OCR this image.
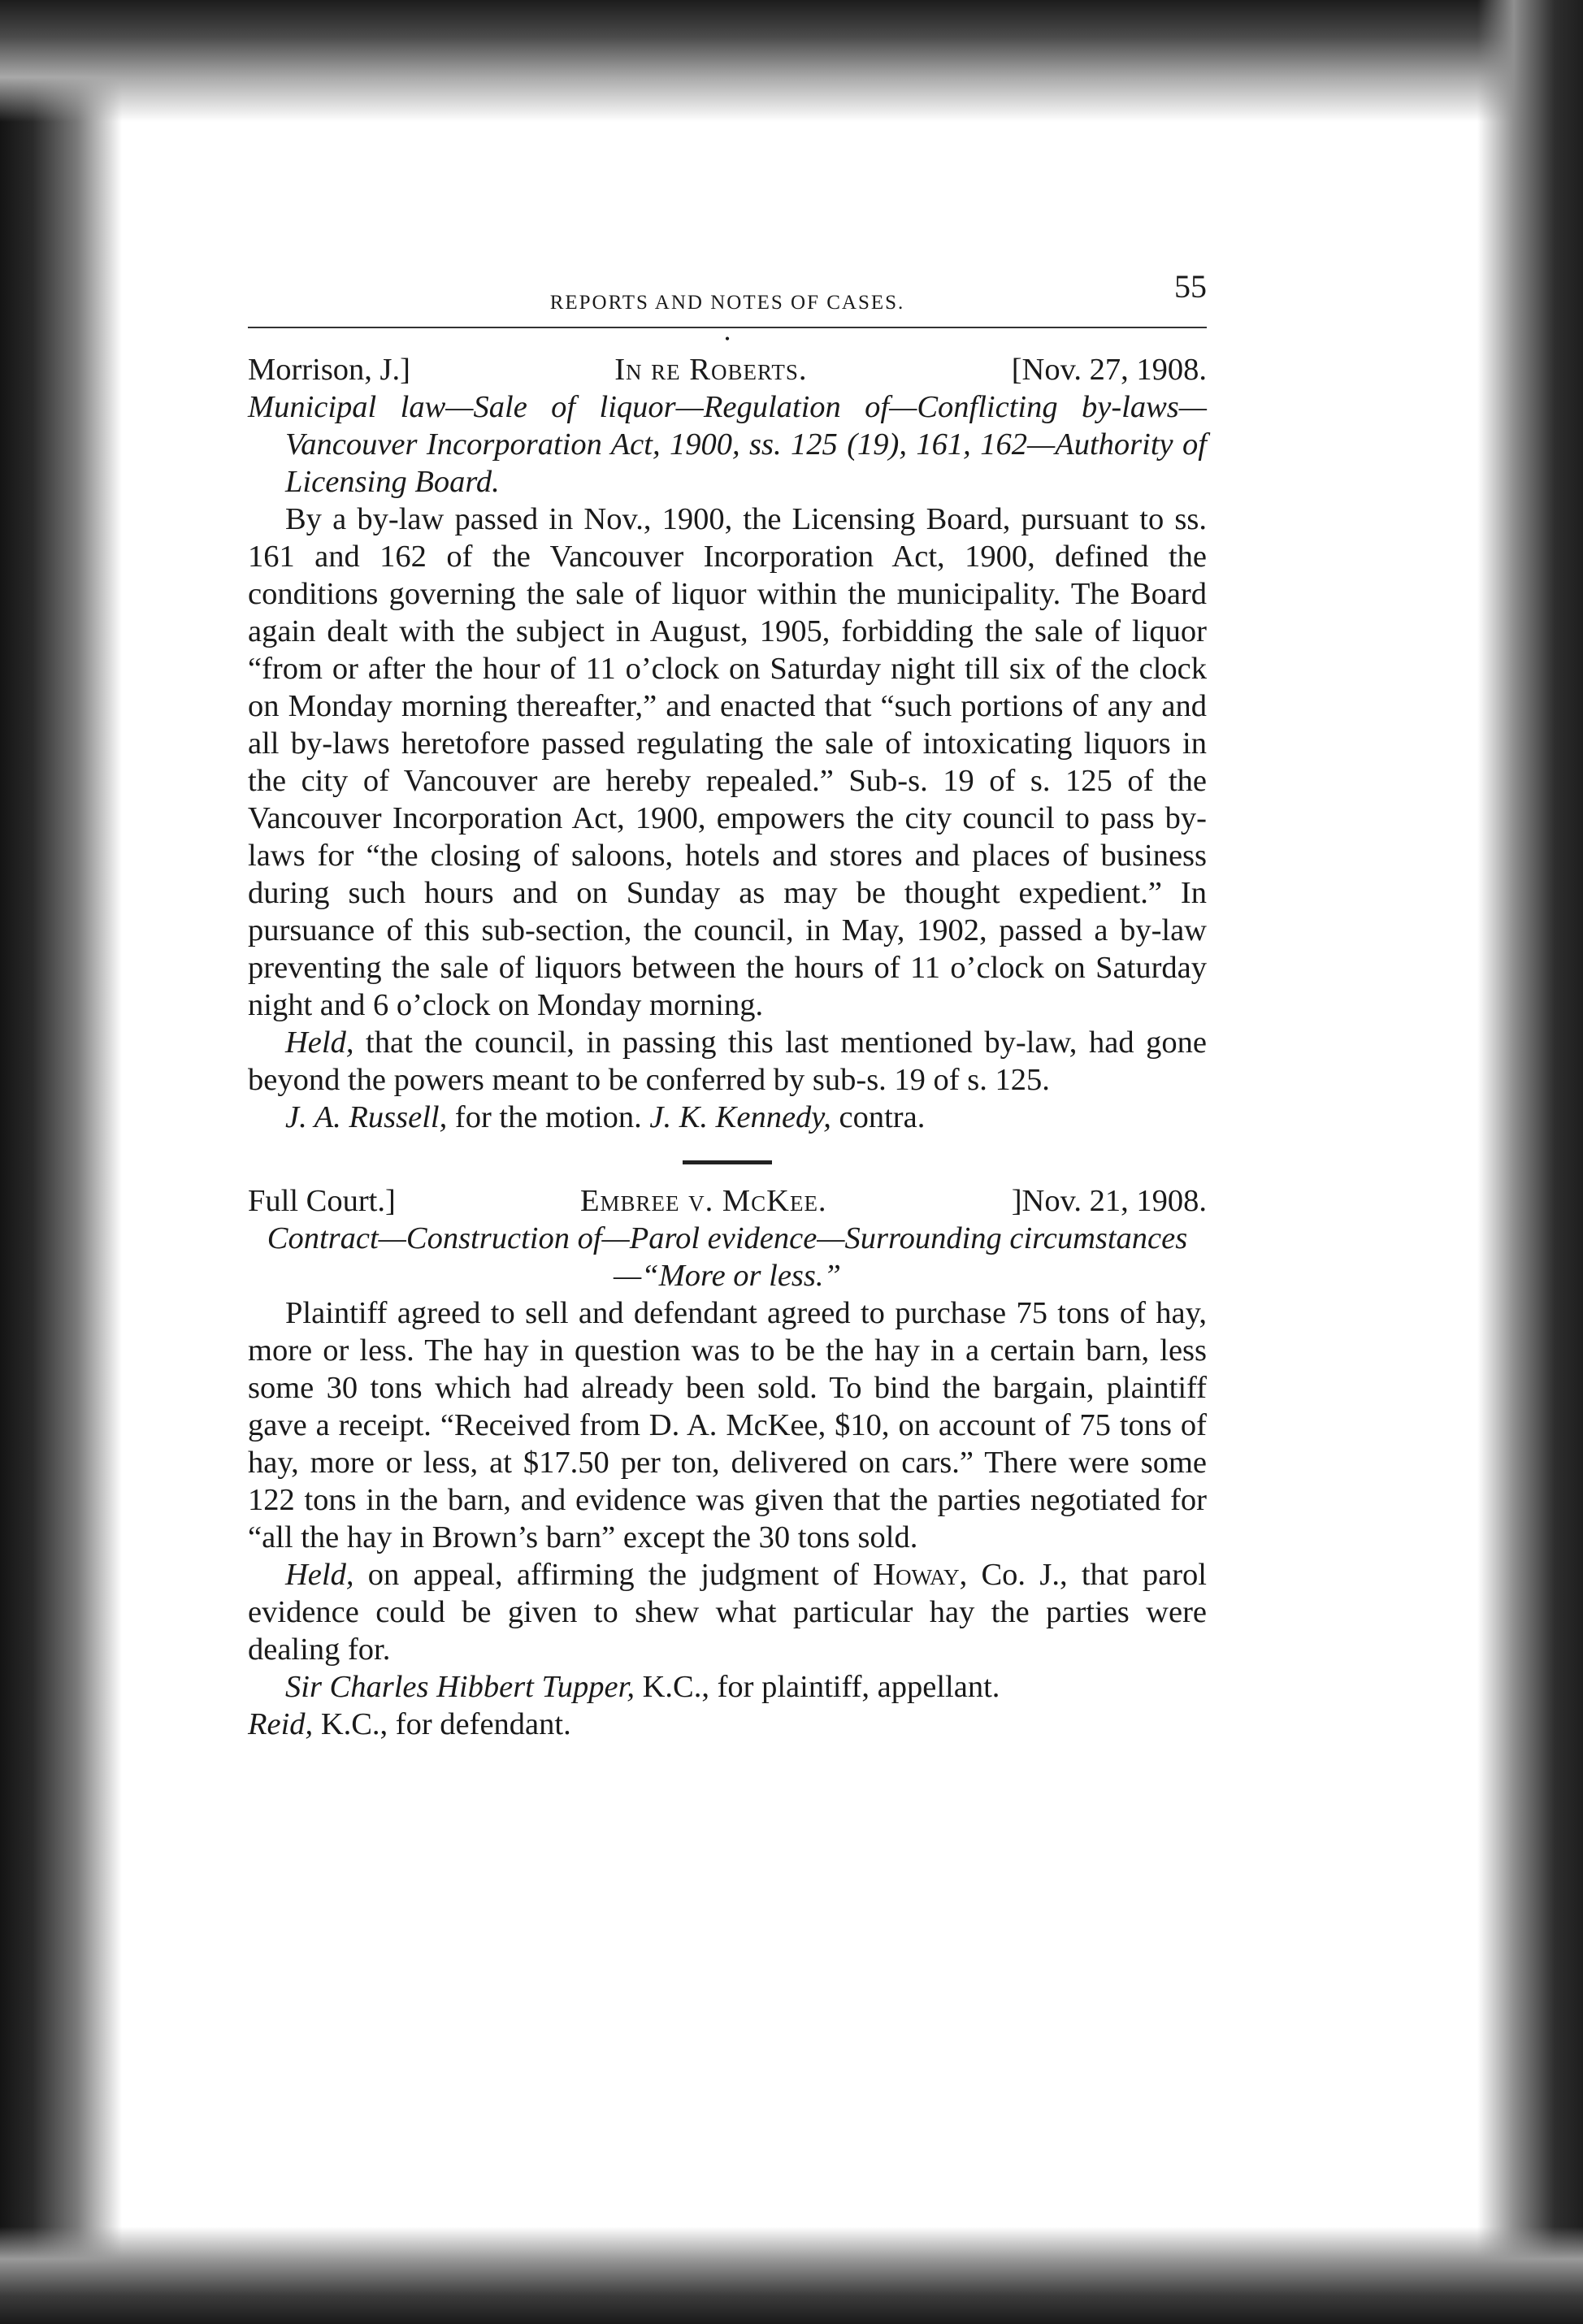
REPORTS AND NOTES OF CASES.	55
•
Morrison, J.]	In re Roberts.	[Nov. 27, 1908.
Municipal law—Sale of liquor—Regulation of—Conflicting by-laws—Vancouver Incorporation Act, 1900, ss. 125 (19), 161, 162—Authority of Licensing Board.

By a by-law passed in Nov., 1900, the Licensing Board, pursuant to ss. 161 and 162 of the Vancouver Incorporation Act, 1900, defined the conditions governing the sale of liquor within the municipality. The Board again dealt with the subject in August, 1905, forbidding the sale of liquor “from or after the hour of 11 o’clock on Saturday night till six of the clock on Monday morning thereafter,” and enacted that “such portions of any and all by-laws heretofore passed regulating the sale of intoxicating liquors in the city of Vancouver are hereby repealed.” Sub-s. 19 of s. 125 of the Vancouver Incorporation Act, 1900, empowers the city council to pass by-laws for “the closing of saloons, hotels and stores and places of business during such hours and on Sunday as may be thought expedient.” In pursuance of this sub-section, the council, in May, 1902, passed a by-law preventing the sale of liquors between the hours of 11 o’clock on Saturday night and 6 o’clock on Monday morning.

Held, that the council, in passing this last mentioned by-law, had gone beyond the powers meant to be conferred by sub-s. 19 of s. 125.

J. A. Russell, for the motion. J. K. Kennedy, contra.

Full Court.]	Embree v. McKee.	]Nov. 21, 1908.
Contract—Construction of—Parol evidence—Surrounding circumstances—“More or less.”

Plaintiff agreed to sell and defendant agreed to purchase 75 tons of hay, more or less. The hay in question was to be the hay in a certain barn, less some 30 tons which had already been sold. To bind the bargain, plaintiff gave a receipt. “Received from D. A. McKee, $10, on account of 75 tons of hay, more or less, at $17.50 per ton, delivered on cars.” There were some 122 tons in the barn, and evidence was given that the parties negotiated for “all the hay in Brown’s barn” except the 30 tons sold.

Held, on appeal, affirming the judgment of Howay, Co. J., that parol evidence could be given to shew what particular hay the parties were dealing for.

Sir Charles Hibbert Tupper, K.C., for plaintiff, appellant.

Reid, K.C., for defendant.
